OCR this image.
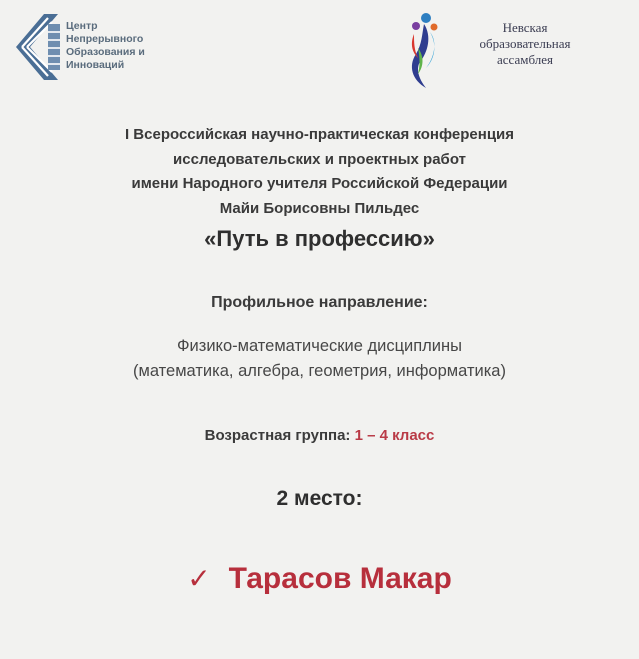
Центр
Непрерывного
Образования и
Инноваций
Невская
образовательная
ассамблея
I Всероссийская научно-практическая конференция
исследовательских и проектных работ
имени Народного учителя Российской Федерации
Майи Борисовны Пильдес
«Путь в профессию»
Профильное направление:
Физико-математические дисциплины
(математика, алгебра, геометрия, информатика)
Возрастная группа: 1 – 4 класс
2 место:
✓ Тарасов Макар
